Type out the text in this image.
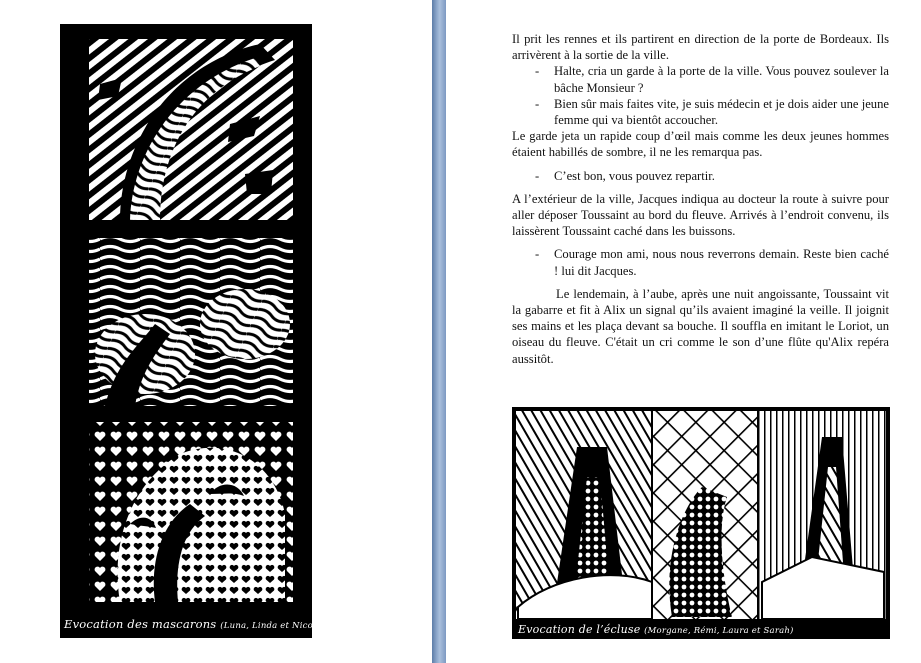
Evocation des mascarons (Luna, Linda et Nicolas)

Il prit les rennes et ils partirent en direction de la porte de Bordeaux. Ils arrivèrent à la sortie de la ville.

- Halte, cria un garde à la porte de la ville. Vous pouvez soulever la bâche Monsieur ?
- Bien sûr mais faites vite, je suis médecin et je dois aider une jeune femme qui va bientôt accoucher.

Le garde jeta un rapide coup d’œil mais comme les deux jeunes hommes étaient habillés de sombre, il ne les remarqua pas.

- C’est bon, vous pouvez repartir.

A l’extérieur de la ville, Jacques indiqua au docteur la route à suivre pour aller déposer Toussaint au bord du fleuve. Arrivés à l’endroit convenu, ils laissèrent Toussaint caché dans les buissons.

- Courage mon ami, nous nous reverrons demain. Reste bien caché ! lui dit Jacques.

Le lendemain, à l’aube, après une nuit angoissante, Toussaint vit la gabarre et fit à Alix un signal qu’ils avaient imaginé la veille. Il joignit ses mains et les plaça devant sa bouche. Il souffla en imitant le Loriot, un oiseau du fleuve. C'était un cri comme le son d’une flûte qu'Alix repéra aussitôt.

Evocation de l’écluse (Morgane, Rémi, Laura et Sarah)
